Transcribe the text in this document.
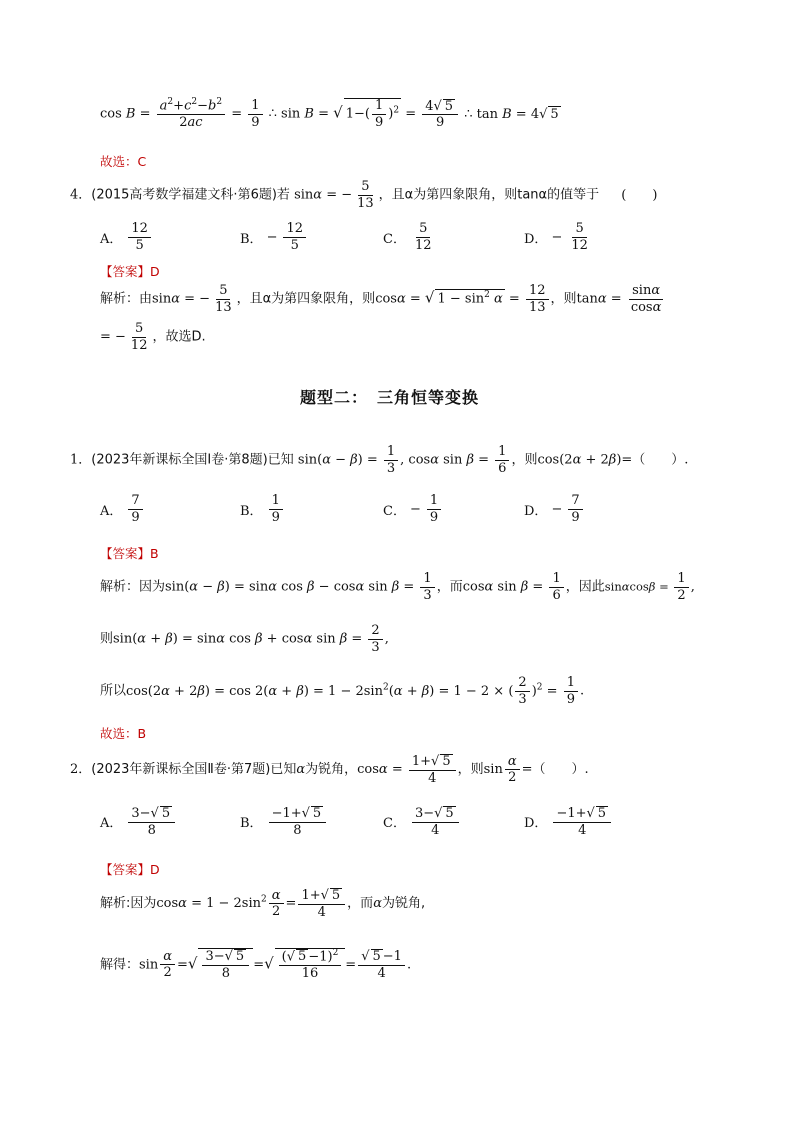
$\cos B = \frac{a^2+c^2-b^2}{2ac} = \frac{1}{9}$ ∴ sin B = √ $1-( \frac{1}{9} )^2 = \frac{4√ 5}{9}$ ∴ tan B = 4√ 5
故选：C
4．(2015高考数学福建文科·第6题)若 sinα = − $\frac{5}{13}$ ，且α为第四象限角，则tanα的值等于 (　　)
A． $\frac{12}{5}$	B． − $\frac{12}{5}$	C． $\frac{5}{12}$	D． − $\frac{5}{12}$
【答案】D
解析：由sinα = − $\frac{5}{13}$ ，且α为第四象限角，则cosα = √ $1 - \sin^2 \alpha = \frac{12}{13}$ ，则$\tan\alpha = \frac{\sin\alpha}{\cos\alpha}$
= − $\frac{5}{12}$ ，故选D.
题型二：　三角恒等变换
1．(2023年新课标全国Ⅰ卷·第8题)已知 $\sin(\alpha - \beta) = \frac{1}{3}$ , cosα $\sin \beta = \frac{1}{6}$ ，则cos(2α + 2β)=（　　）.
A． $\frac{7}{9}$	B． $\frac{1}{9}$	C． − $\frac{1}{9}$	D． − $\frac{7}{9}$
【答案】B
解析：因为sin(α − β) = sinα cos β − cosα $\sin \beta = \frac{1}{3}$ ，而cosα $\sin \beta = \frac{1}{6}$ ，因此$\sin\alpha\cos\beta = \frac{1}{2}$ ,
则sin(α + β) = sinα cos β + cosα $\sin \beta = \frac{2}{3}$ ,
所以$\cos(2\alpha + 2\beta) = \cos 2(\alpha + \beta) = 1 - 2\sin^2(\alpha + \beta) = 1 - 2$ × ( $\frac{2}{3} )^2 = \frac{1}{9}$ .
故选：B
2．(2023年新课标全国Ⅱ卷·第7题)已知α为锐角，$\cos\alpha = \frac{1+√ 5}{4}$ ，则$\sin \frac{\alpha}{2}$ =（　　）.
A． $\frac{3-√ 5}{8}$	B． $\frac{-1+√ 5}{8}$	C． $\frac{3-√ 5}{4}$	D． $\frac{-1+√ 5}{4}$
【答案】D
解析:因为$\cos\alpha = 1 - 2\sin^2 \frac{\alpha}{2} = \frac{1+√ 5}{4}$ ，而α为锐角,
解得：$\sin \frac{\alpha}{2}$ =√ $\frac{3-√ 5}{8}$ =√ $\frac{(√ 5 -1)^2}{16} = \frac{√ 5 -1}{4}$ .
